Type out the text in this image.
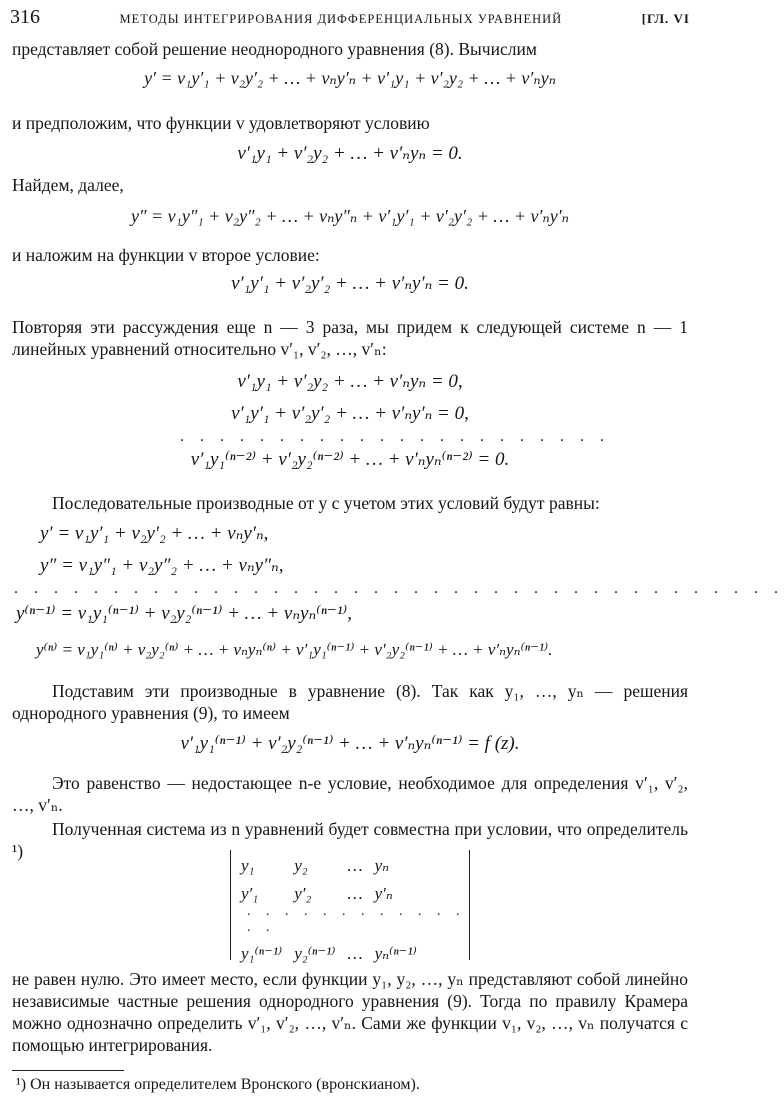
316	МЕТОДЫ ИНТЕГРИРОВАНИЯ ДИФФЕРЕНЦИАЛЬНЫХ УРАВНЕНИЙ	[ГЛ. VI

представляет собой решение неоднородного уравнения (8). Вычислим

y′ = v₁y′₁ + v₂y′₂ + … + vₙy′ₙ + v′₁y₁ + v′₂y₂ + … + v′ₙyₙ

и предположим, что функции v удовлетворяют условию

v′₁y₁ + v′₂y₂ + … + v′ₙyₙ = 0.

Найдем, далее,

y″ = v₁y″₁ + v₂y″₂ + … + vₙy″ₙ + v′₁y′₁ + v′₂y′₂ + … + v′ₙy′ₙ

и наложим на функции v второе условие:

v′₁y′₁ + v′₂y′₂ + … + v′ₙy′ₙ = 0.

Повторяя эти рассуждения еще n — 3 раза, мы придем к следующей системе n — 1 линейных уравнений относительно v′₁, v′₂, …, v′ₙ:

v′₁y₁ + v′₂y₂ + … + v′ₙyₙ = 0,
v′₁y′₁ + v′₂y′₂ + … + v′ₙy′ₙ = 0,
. . . . . . . . . . . . . . . . . . . . . .
v′₁y₁⁽ⁿ⁻²⁾ + v′₂y₂⁽ⁿ⁻²⁾ + … + v′ₙyₙ⁽ⁿ⁻²⁾ = 0.

Последовательные производные от y с учетом этих условий будут равны:

y′ = v₁y′₁ + v₂y′₂ + … + vₙy′ₙ,
y″ = v₁y″₁ + v₂y″₂ + … + vₙy″ₙ,
. . . . . . . . . . . . . . . . . . . . . . . . . . . . . . . . . . . . . . .
y⁽ⁿ⁻¹⁾ = v₁y₁⁽ⁿ⁻¹⁾ + v₂y₂⁽ⁿ⁻¹⁾ + … + vₙyₙ⁽ⁿ⁻¹⁾,
y⁽ⁿ⁾ = v₁y₁⁽ⁿ⁾ + v₂y₂⁽ⁿ⁾ + … + vₙyₙ⁽ⁿ⁾ + v′₁y₁⁽ⁿ⁻¹⁾ + v′₂y₂⁽ⁿ⁻¹⁾ + … + v′ₙyₙ⁽ⁿ⁻¹⁾.

Подставим эти производные в уравнение (8). Так как y₁, …, yₙ — решения однородного уравнения (9), то имеем

v′₁y₁⁽ⁿ⁻¹⁾ + v′₂y₂⁽ⁿ⁻¹⁾ + … + v′ₙyₙ⁽ⁿ⁻¹⁾ = f (z).

Это равенство — недостающее n-е условие, необходимое для определения v′₁, v′₂, …, v′ₙ.

Полученная система из n уравнений будет совместна при условии, что определитель ¹)

y₁	y₂	…	yₙ
y′₁	y′₂	…	y′ₙ

y₁⁽ⁿ⁻¹⁾	y₂⁽ⁿ⁻¹⁾	…	yₙ⁽ⁿ⁻¹⁾
. . . . . . . . . . . . . .

не равен нулю. Это имеет место, если функции y₁, y₂, …, yₙ представляют собой линейно независимые частные решения однородного уравнения (9). Тогда по правилу Крамера можно однозначно определить v′₁, v′₂, …, v′ₙ. Сами же функции v₁, v₂, …, vₙ получатся с помощью интегрирования.

¹) Он называется определителем Вронского (вронскианом).
